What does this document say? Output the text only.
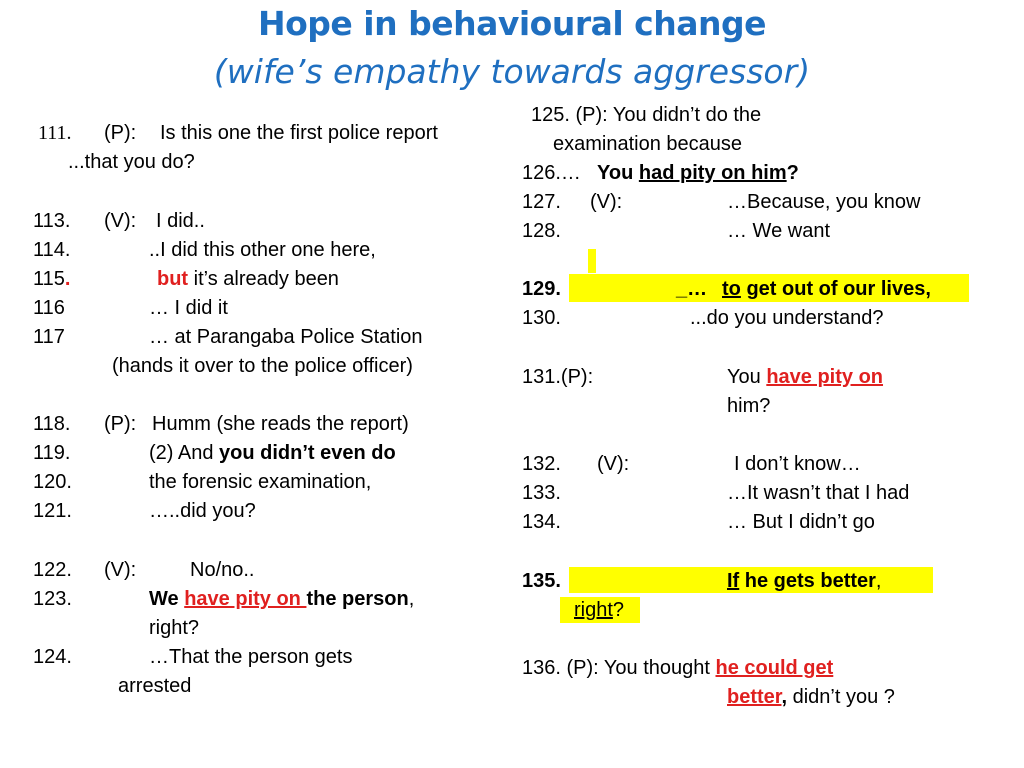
Hope in behavioural change
(wife’s empathy towards aggressor)
111. (P): Is this one the first police report
...that you do?
113. (V): I did..
114.	..I did this other one here,
115.	but it’s already been
116	… I did it
117	… at Parangaba Police Station
(hands it over to the police officer)
118. (P): Humm (she reads the report)
119.	(2) And you didn’t even do
120.	the forensic examination,
121.	…..did you?
122. (V):	No/no..
123.	We have pity on the person,
right?
124.	…That the person gets
arrested
125. (P): You didn’t do the
examination because
126.… You had pity on him?
127. (V):	…Because, you know
128.	… We want
129.	_… to get out of our lives,
130.	...do you understand?
131.(P):	You have pity on
him?
132. (V):	I don’t know…
133.	…It wasn’t that I had
134.	… But I didn’t go
135.	If he gets better,
right?
136. (P): You thought he could get
better, didn’t you ?
